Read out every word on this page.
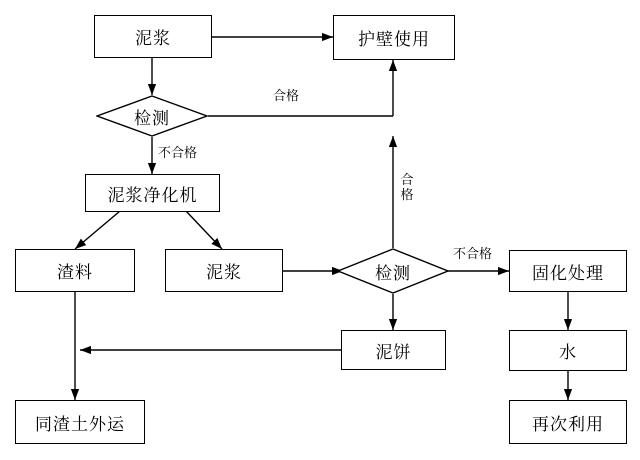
泥浆	护壁使用
检测
泥浆净化机
渣料	泥浆	检测	固化处理
泥饼	水
同渣土外运	再次利用
合格
不合格
合格
不合格
